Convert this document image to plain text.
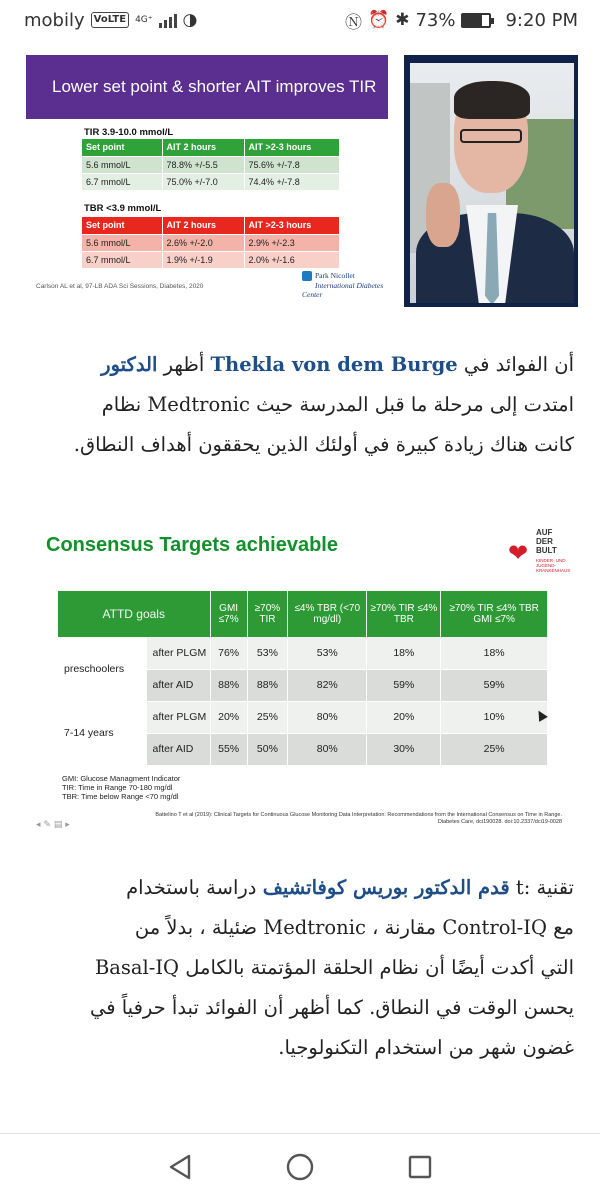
mobily VoLTE	4G⁺ ◑	Ⓝ ⏰ ✱ 73%	9:20 PM
Lower set point & shorter AIT improves TIR
TIR 3.9-10.0 mmol/L
Set point	AIT 2 hours	AIT >2-3 hours
5.6 mmol/L	78.8% +/-5.5	75.6% +/-7.8
6.7 mmol/L	75.0% +/-7.0	74.4% +/-7.8
TBR <3.9 mmol/L
Set point	AIT 2 hours	AIT >2-3 hours
5.6 mmol/L	2.6% +/-2.0	2.9% +/-2.3
6.7 mmol/L	1.9% +/-1.9	2.0% +/-1.6
Carlson AL et al, 97-LB ADA Sci Sessions, Diabetes, 2020
Park Nicollet
International Diabetes Center
أن الفوائد في Thekla von dem Burge أظهر الدكتور
امتدت إلى مرحلة ما قبل المدرسة حيث Medtronic نظام
كانت هناك زيادة كبيرة في أولئك الذين يحققون أهداف النطاق.
Consensus Targets achievable	❤
AUF
DER
BULT
KINDER- UND
JUGEND-
KRANKENHAUS
ATTD goals		GMI ≤7%	≥70% TIR	≤4% TBR (<70 mg/dl)	≥70% TIR ≤4% TBR	≥70% TIR ≤4% TBR GMI ≤7%
preschoolers	after PLGM	76%	53%	53%	18%	18%
	after AID	88%	88%	82%	59%	59%
7-14 years	after PLGM	20%	25%	80%	20%	10%
	after AID	55%	50%	80%	30%	25%
GMI: Glucose Managment Indicator
TIR: Time in Range 70-180 mg/dl
TBR: Time below Range <70 mg/dl
◂ ✎ ▤ ▸
Battelino T et al (2019): Clinical Targets for Continuous Glucose Monitoring Data Interpretation: Recommendations from the International Consensus on Time in Range.
Diabetes Care, dci190028. doi:10.2337/dci19-0028
تقنية :t قدم الدكتور بوريس كوفاتشيف دراسة باستخدام
مع Control-IQ مقارنة ، Medtronic ضئيلة ، بدلاً من
التي أكدت أيضًا أن نظام الحلقة المؤتمتة بالكامل Basal-IQ
يحسن الوقت في النطاق. كما أظهر أن الفوائد تبدأ حرفياً في
غضون شهر من استخدام التكنولوجيا.
